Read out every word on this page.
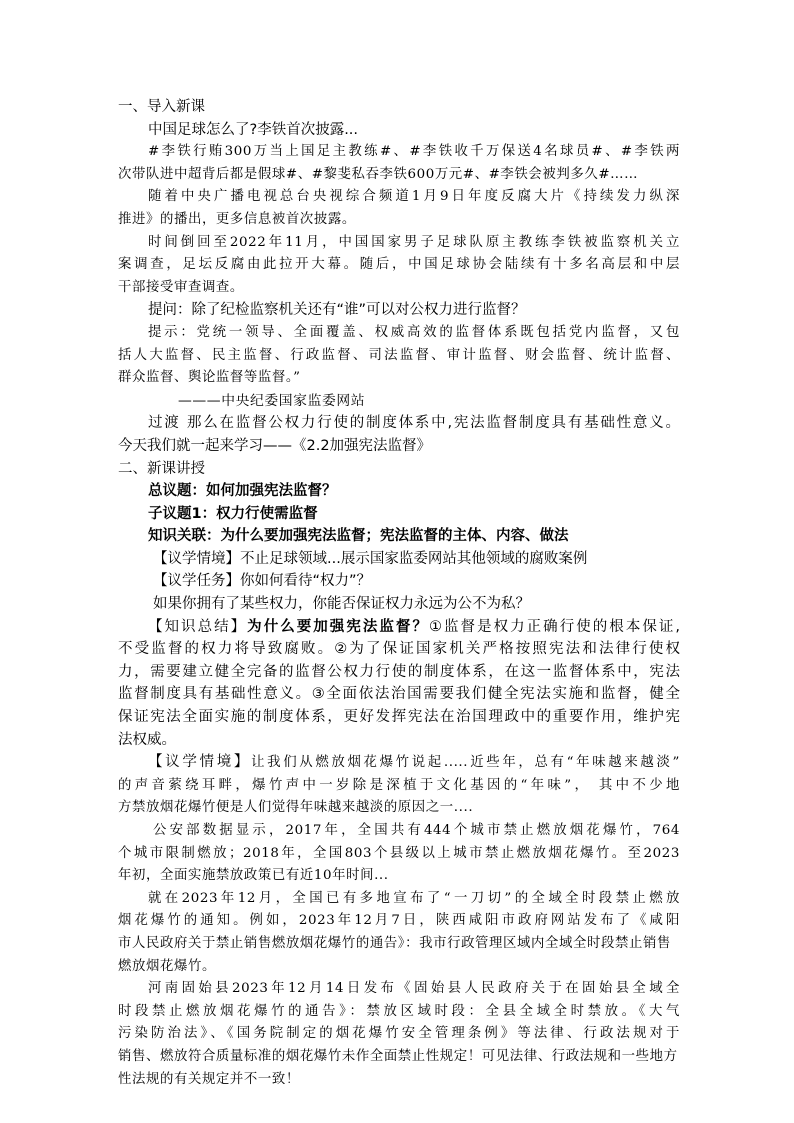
一、导入新课
中国足球怎么了?李铁首次披露...
#李铁行贿300万当上国足主教练#、#李铁收千万保送4名球员#、#李铁两
次带队进中超背后都是假球#、#黎斐私吞李铁600万元#、#李铁会被判多久#……
随着中央广播电视总台央视综合频道1月9日年度反腐大片《持续发力纵深
推进》的播出，更多信息被首次披露。
时间倒回至2022年11月，中国国家男子足球队原主教练李铁被监察机关立
案调查，足坛反腐由此拉开大幕。随后，中国足球协会陆续有十多名高层和中层
干部接受审查调查。
提问：除了纪检监察机关还有“谁”可以对公权力进行监督？
提示：党统一领导、全面覆盖、权威高效的监督体系既包括党内监督，又包
括人大监督、民主监督、行政监督、司法监督、审计监督、财会监督、统计监督、
群众监督、舆论监督等监督。”
———中央纪委国家监委网站
过渡 那么在监督公权力行使的制度体系中,宪法监督制度具有基础性意义。
今天我们就一起来学习——《2.2加强宪法监督》
二、新课讲授
总议题：如何加强宪法监督？
子议题1：权力行使需监督
知识关联：为什么要加强宪法监督；宪法监督的主体、内容、做法
【议学情境】不止足球领域...展示国家监委网站其他领域的腐败案例
【议学任务】你如何看待“权力”？
如果你拥有了某些权力，你能否保证权力永远为公不为私？
【知识总结】为什么要加强宪法监督？①监督是权力正确行使的根本保证,
不受监督的权力将导致腐败。②为了保证国家机关严格按照宪法和法律行使权
力，需要建立健全完备的监督公权力行使的制度体系，在这一监督体系中，宪法
监督制度具有基础性意义。③全面依法治国需要我们健全宪法实施和监督，健全
保证宪法全面实施的制度体系，更好发挥宪法在治国理政中的重要作用，维护宪
法权威。
【议学情境】让我们从燃放烟花爆竹说起.....近些年，总有“年味越来越淡”
的声音萦绕耳畔，爆竹声中一岁除是深植于文化基因的“年味”， 其中不少地
方禁放烟花爆竹便是人们觉得年味越来越淡的原因之一....
公安部数据显示，2017年，全国共有444个城市禁止燃放烟花爆竹，764
个城市限制燃放；2018年，全国803个县级以上城市禁止燃放烟花爆竹。至2023
年初，全面实施禁放政策已有近10年时间...
就在2023年12月，全国已有多地宣布了“一刀切”的全域全时段禁止燃放
烟花爆竹的通知。例如，2023年12月7日，陕西咸阳市政府网站发布了《咸阳
市人民政府关于禁止销售燃放烟花爆竹的通告》：我市行政管理区域内全域全时段禁止销售燃放烟花爆竹。
河南固始县2023年12月14日发布《固始县人民政府关于在固始县全域全
时段禁止燃放烟花爆竹的通告》：禁放区域时段：全县全域全时禁放。《大气
污染防治法》、《国务院制定的烟花爆竹安全管理条例》等法律、行政法规对于
销售、燃放符合质量标准的烟花爆竹未作全面禁止性规定！可见法律、行政法规和一些地方性法规的有关规定并不一致！
